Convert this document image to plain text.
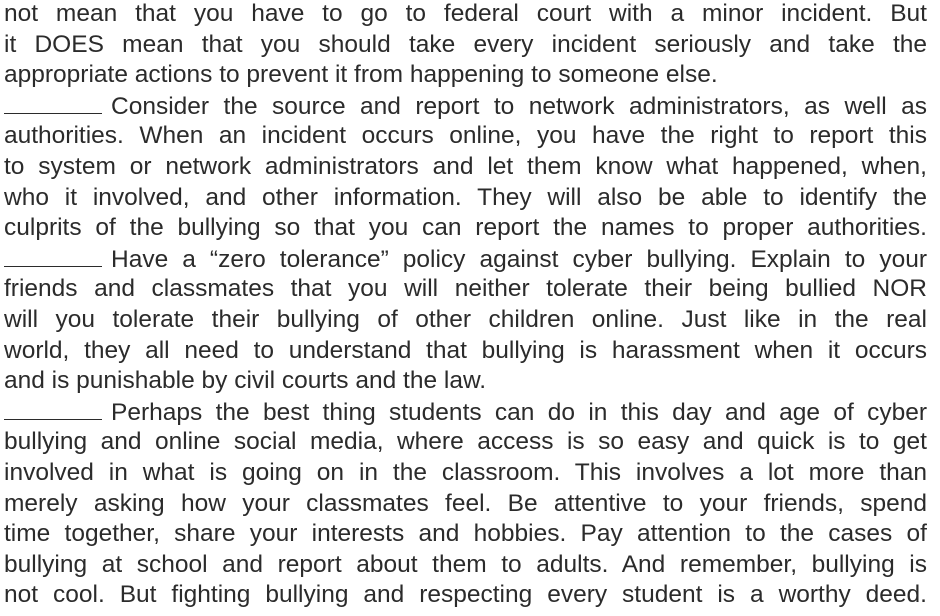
not mean that you have to go to federal court with a minor incident. But
it DOES mean that you should take every incident seriously and take the
appropriate actions to prevent it from happening to someone else.
Consider the source and report to network administrators, as well as
authorities. When an incident occurs online, you have the right to report this
to system or network administrators and let them know what happened, when,
who it involved, and other information. They will also be able to identify the
culprits of the bullying so that you can report the names to proper authorities.
Have a “zero tolerance” policy against cyber bullying. Explain to your
friends and classmates that you will neither tolerate their being bullied NOR
will you tolerate their bullying of other children online. Just like in the real
world, they all need to understand that bullying is harassment when it occurs
and is punishable by civil courts and the law.
Perhaps the best thing students can do in this day and age of cyber
bullying and online social media, where access is so easy and quick is to get
involved in what is going on in the classroom. This involves a lot more than
merely asking how your classmates feel. Be attentive to your friends, spend
time together, share your interests and hobbies. Pay attention to the cases of
bullying at school and report about them to adults. And remember, bullying is
not cool. But fighting bullying and respecting every student is a worthy deed.
